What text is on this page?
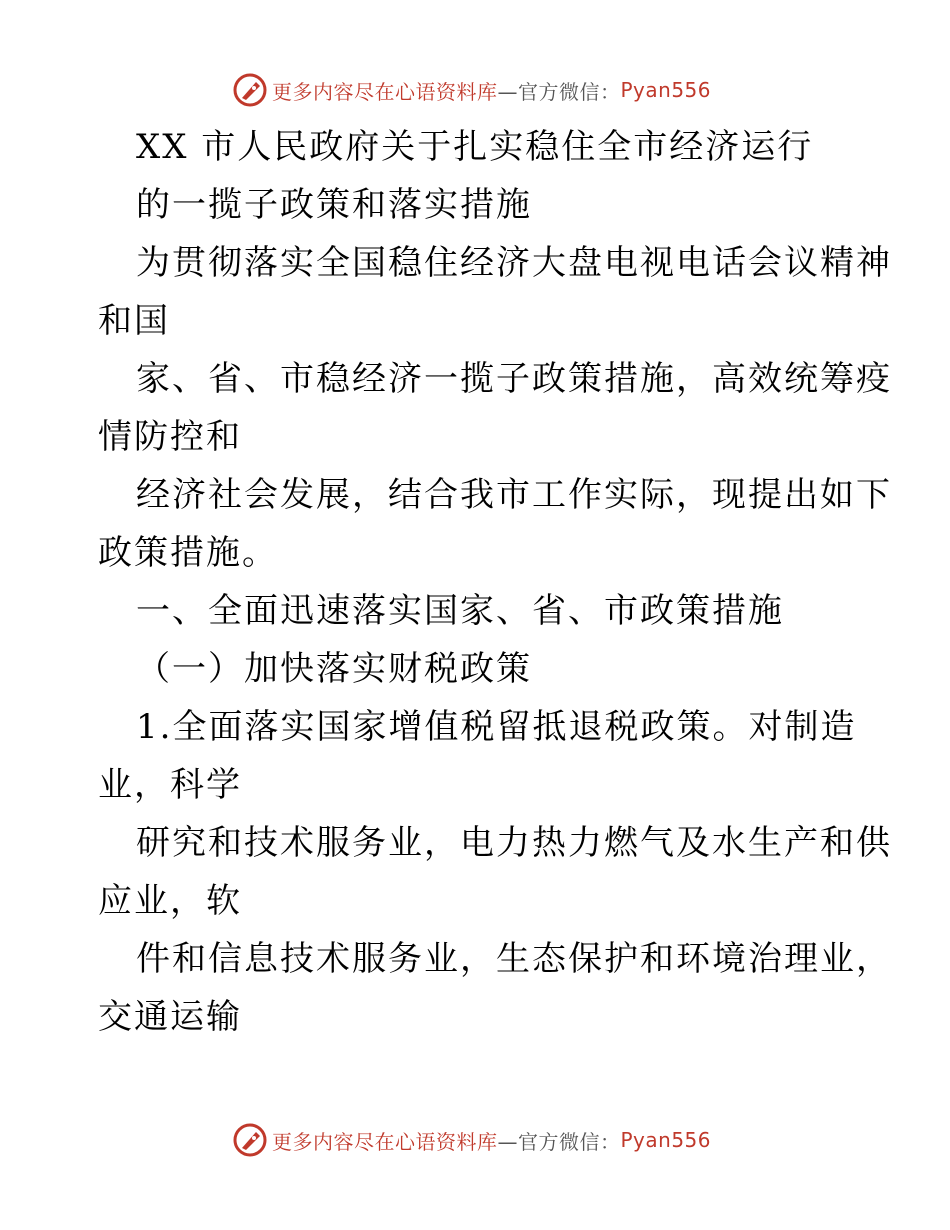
更多内容尽在心语资料库 —官方微信： Pyan556
XX 市人民政府关于扎实稳住全市经济运行
的一揽子政策和落实措施
为贯彻落实全国稳住经济大盘电视电话会议精神
和国
家、省、市稳经济一揽子政策措施，高效统筹疫
情防控和
经济社会发展，结合我市工作实际，现提出如下
政策措施。
一、全面迅速落实国家、省、市政策措施
（一）加快落实财税政策
1.全面落实国家增值税留抵退税政策。对制造
业，科学
研究和技术服务业，电力热力燃气及水生产和供
应业，软
件和信息技术服务业，生态保护和环境治理业，
交通运输
更多内容尽在心语资料库 —官方微信： Pyan556
